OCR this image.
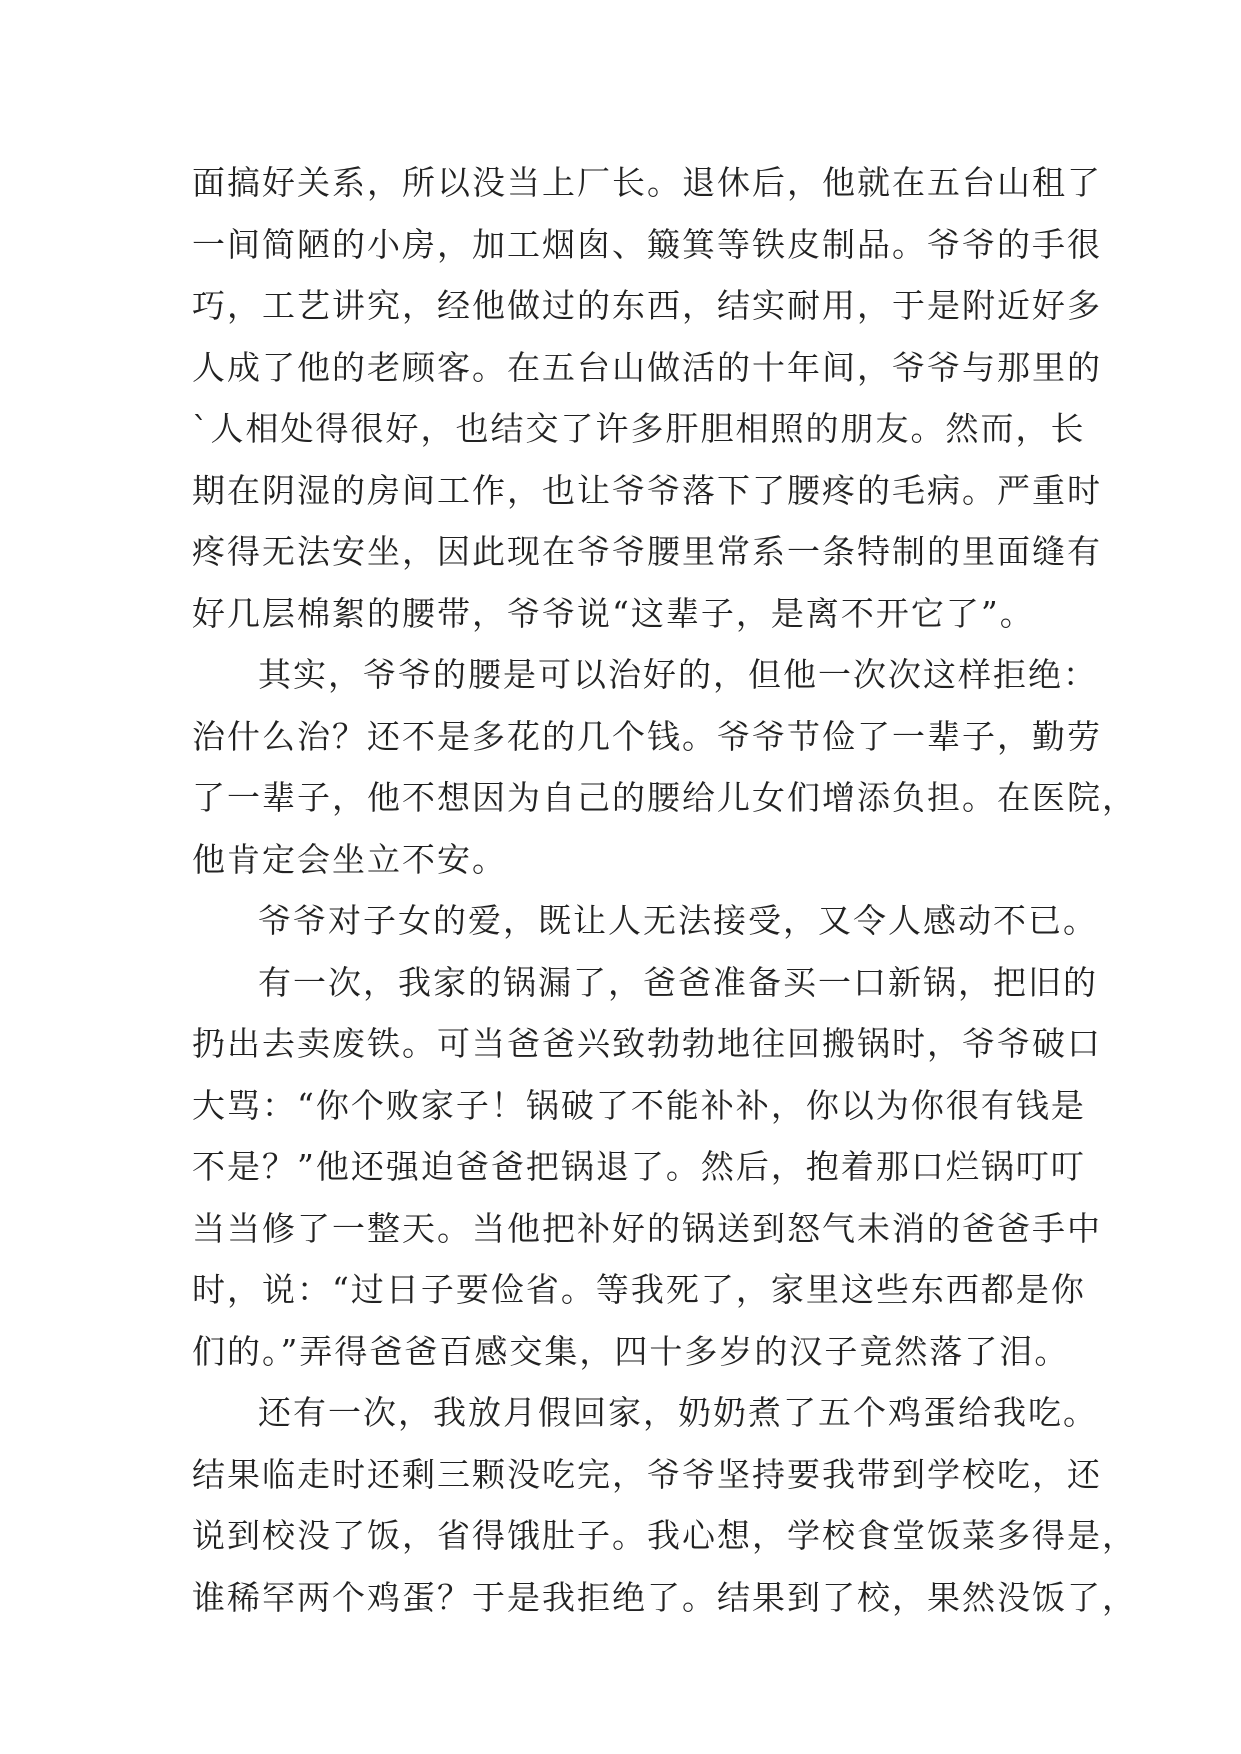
面搞好关系，所以没当上厂长。退休后，他就在五台山租了
一间简陋的小房，加工烟囱、簸箕等铁皮制品。爷爷的手很
巧，工艺讲究，经他做过的东西，结实耐用，于是附近好多
人成了他的老顾客。在五台山做活的十年间，爷爷与那里的
`人相处得很好，也结交了许多肝胆相照的朋友。然而，长
期在阴湿的房间工作，也让爷爷落下了腰疼的毛病。严重时
疼得无法安坐，因此现在爷爷腰里常系一条特制的里面缝有
好几层棉絮的腰带，爷爷说“这辈子，是离不开它了”。

其实，爷爷的腰是可以治好的，但他一次次这样拒绝：
治什么治？还不是多花的几个钱。爷爷节俭了一辈子，勤劳
了一辈子，他不想因为自己的腰给儿女们增添负担。在医院，
他肯定会坐立不安。

爷爷对子女的爱，既让人无法接受，又令人感动不已。

有一次，我家的锅漏了，爸爸准备买一口新锅，把旧的
扔出去卖废铁。可当爸爸兴致勃勃地往回搬锅时，爷爷破口
大骂：“你个败家子！锅破了不能补补，你以为你很有钱是
不是？”他还强迫爸爸把锅退了。然后，抱着那口烂锅叮叮
当当修了一整天。当他把补好的锅送到怒气未消的爸爸手中
时，说：“过日子要俭省。等我死了，家里这些东西都是你
们的。”弄得爸爸百感交集，四十多岁的汉子竟然落了泪。

还有一次，我放月假回家，奶奶煮了五个鸡蛋给我吃。
结果临走时还剩三颗没吃完，爷爷坚持要我带到学校吃，还
说到校没了饭，省得饿肚子。我心想，学校食堂饭菜多得是，
谁稀罕两个鸡蛋？于是我拒绝了。结果到了校，果然没饭了，
